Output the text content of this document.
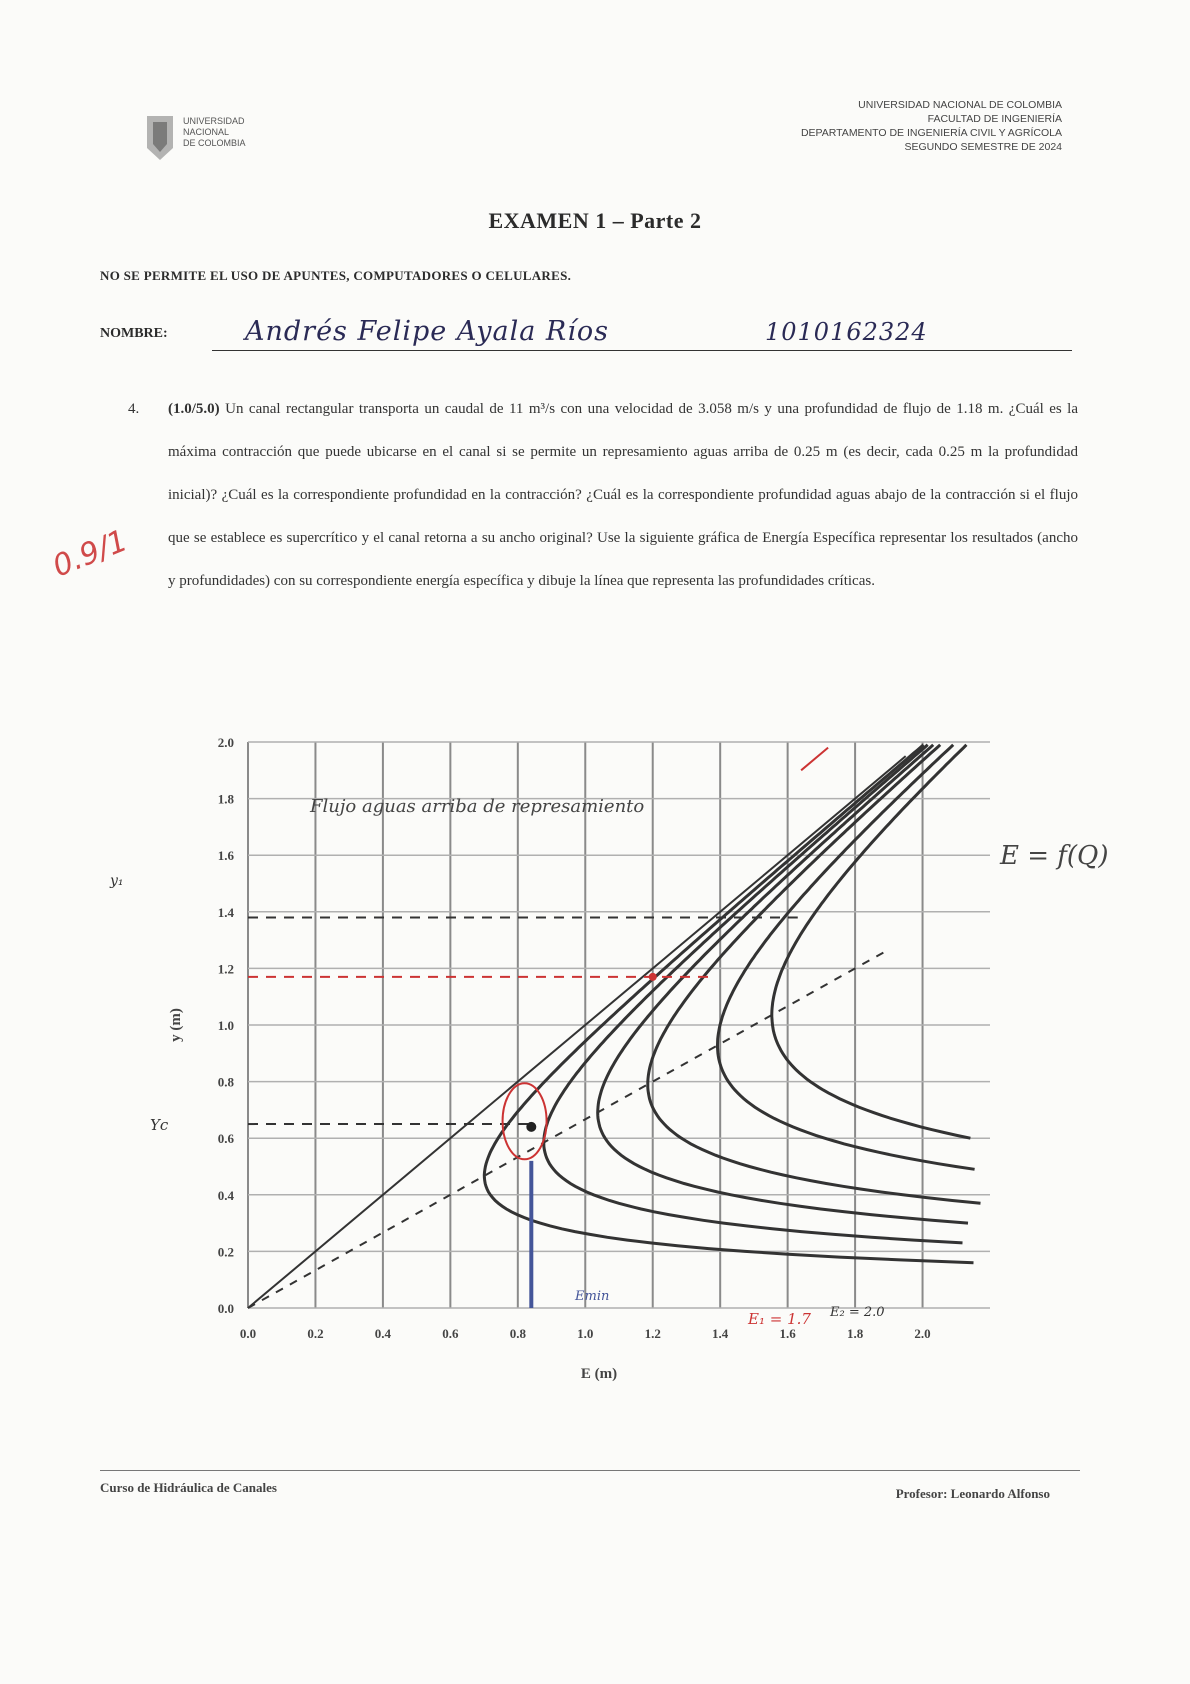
UNIVERSIDAD
NACIONAL
DE COLOMBIA
UNIVERSIDAD NACIONAL DE COLOMBIA
FACULTAD DE INGENIERÍA
DEPARTAMENTO DE INGENIERÍA CIVIL Y AGRÍCOLA
SEGUNDO SEMESTRE DE 2024
EXAMEN 1 – Parte 2
NO SE PERMITE EL USO DE APUNTES, COMPUTADORES O CELULARES.
NOMBRE:	Andrés Felipe Ayala Ríos	1010162324
4. (1.0/5.0) Un canal rectangular transporta un caudal de 11 m³/s con una velocidad de 3.058 m/s y una profundidad de flujo de 1.18 m. ¿Cuál es la máxima contracción que puede ubicarse en el canal si se permite un represamiento aguas arriba de 0.25 m (es decir, cada 0.25 m la profundidad inicial)? ¿Cuál es la correspondiente profundidad en la contracción? ¿Cuál es la correspondiente profundidad aguas abajo de la contracción si el flujo que se establece es supercrítico y el canal retorna a su ancho original? Use la siguiente gráfica de Energía Específica representar los resultados (ancho y profundidades) con su correspondiente energía específica y dibuje la línea que representa las profundidades críticas.
0.9/1
0.0	0.2	0.4	0.6	0.8	1.0	1.2	1.4	1.6	1.8	2.0
0.0
0.2
0.4
0.6
0.8
1.0
1.2
1.4
1.6
1.8
2.0
E (m)
y (m)
Flujo aguas arriba de represamiento
E = f(Q)
Emin
E₁ = 1.7 E₂ = 2.0
Yc
y₁
Curso de Hidráulica de Canales	Profesor: Leonardo Alfonso
